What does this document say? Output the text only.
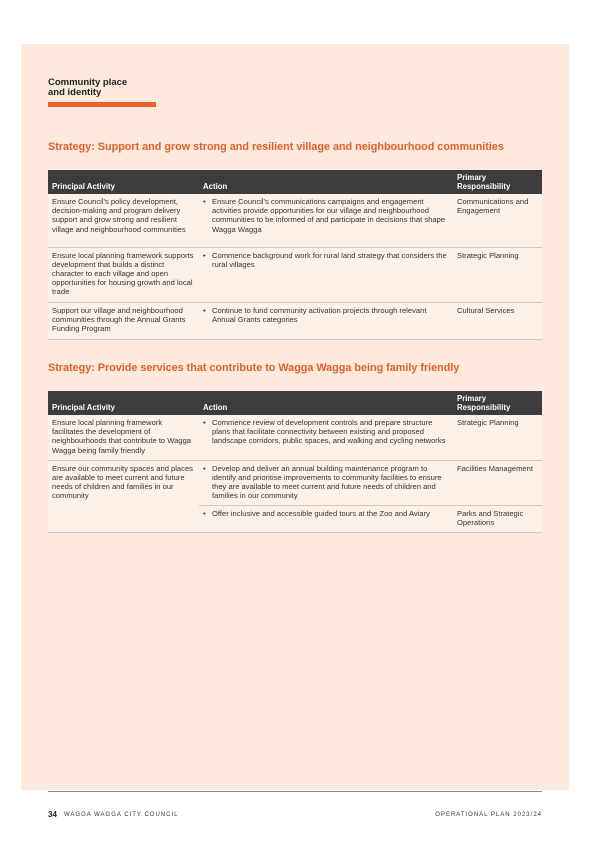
Community place
and identity
Strategy: Support and grow strong and resilient village and neighbourhood communities
Principal Activity	Action	Primary
Responsibility
Ensure Council's policy development, decision-making and program delivery support and grow strong and resilient village and neighbourhood communities	• Ensure Council's communications campaigns and engagement activities provide opportunities for our village and neighbourhood communities to be informed of and participate in decisions that shape Wagga Wagga	Communications and Engagement
Ensure local planning framework supports development that builds a distinct character to each village and open opportunities for housing growth and local trade	• Commence background work for rural land strategy that considers the rural villages	Strategic Planning
Support our village and neighbourhood communities through the Annual Grants Funding Program	• Continue to fund community activation projects through relevant Annual Grants categories	Cultural Services
Strategy: Provide services that contribute to Wagga Wagga being family friendly
Principal Activity	Action	Primary
Responsibility
Ensure local planning framework facilitates the development of neighbourhoods that contribute to Wagga Wagga being family friendly	• Commence review of development controls and prepare structure plans that facilitate connectivity between existing and proposed landscape corridors, public spaces, and walking and cycling networks	Strategic Planning
Ensure our community spaces and places are available to meet current and future needs of children and families in our community	• Develop and deliver an annual building maintenance program to identify and prioritise improvements to community facilities to ensure they are available to meet current and future needs of children and families in our community	Facilities Management

	• Offer inclusive and accessible guided tours at the Zoo and Aviary	Parks and Strategic Operations
34 WAGGA WAGGA CITY COUNCIL	OPERATIONAL PLAN 2023/24
